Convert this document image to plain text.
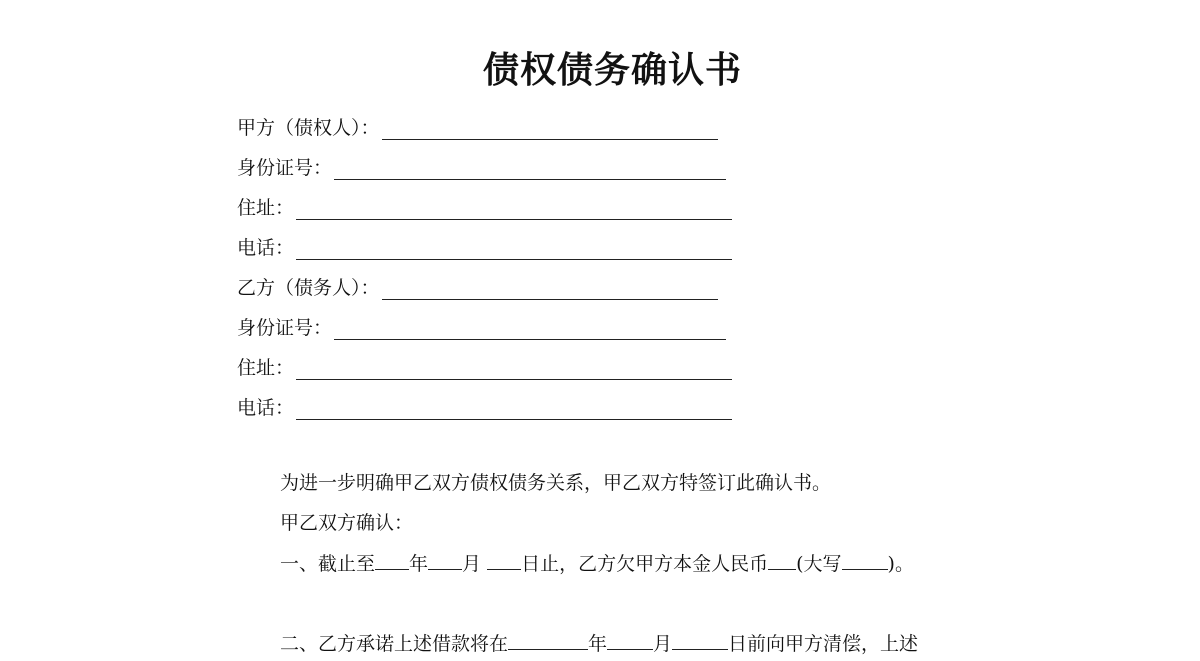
债权债务确认书
甲方（债权人）：
身份证号：
住址：
电话：
乙方（债务人）：
身份证号：
住址：
电话：
为进一步明确甲乙双方债权债务关系，甲乙双方特签订此确认书。
甲乙双方确认：
一、截止至 年 月 日止，乙方欠甲方本金人民币 (大写 )。
二、乙方承诺上述借款将在	年 月	日前向甲方清偿，上述
